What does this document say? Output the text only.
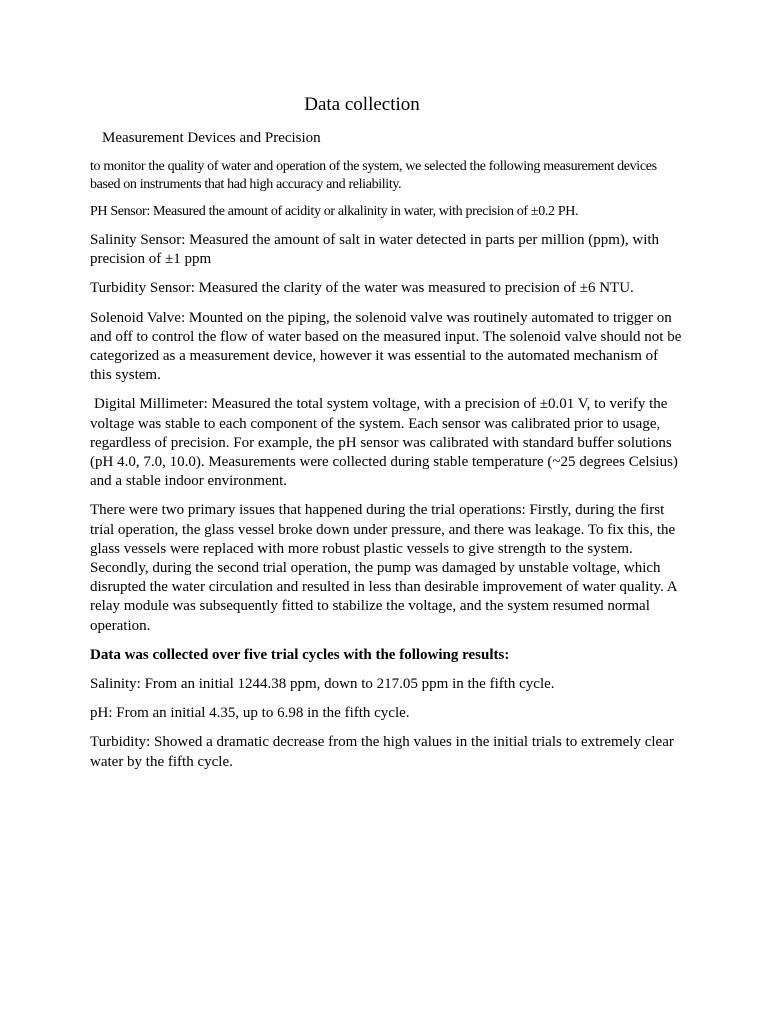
Data collection
Measurement Devices and Precision

to monitor the quality of water and operation of the system, we selected the following measurement devices based on instruments that had high accuracy and reliability.

PH Sensor: Measured the amount of acidity or alkalinity in water, with precision of ±0.2 PH.

Salinity Sensor: Measured the amount of salt in water detected in parts per million (ppm), with precision of ±1 ppm

Turbidity Sensor: Measured the clarity of the water was measured to precision of ±6 NTU.

Solenoid Valve: Mounted on the piping, the solenoid valve was routinely automated to trigger on and off to control the flow of water based on the measured input. The solenoid valve should not be categorized as a measurement device, however it was essential to the automated mechanism of this system.

Digital Millimeter: Measured the total system voltage, with a precision of ±0.01 V, to verify the voltage was stable to each component of the system. Each sensor was calibrated prior to usage, regardless of precision. For example, the pH sensor was calibrated with standard buffer solutions (pH 4.0, 7.0, 10.0). Measurements were collected during stable temperature (~25 degrees Celsius) and a stable indoor environment.

There were two primary issues that happened during the trial operations: Firstly, during the first trial operation, the glass vessel broke down under pressure, and there was leakage. To fix this, the glass vessels were replaced with more robust plastic vessels to give strength to the system. Secondly, during the second trial operation, the pump was damaged by unstable voltage, which disrupted the water circulation and resulted in less than desirable improvement of water quality. A relay module was subsequently fitted to stabilize the voltage, and the system resumed normal operation.

Data was collected over five trial cycles with the following results:

Salinity: From an initial 1244.38 ppm, down to 217.05 ppm in the fifth cycle.

pH: From an initial 4.35, up to 6.98 in the fifth cycle.

Turbidity: Showed a dramatic decrease from the high values in the initial trials to extremely clear water by the fifth cycle.
